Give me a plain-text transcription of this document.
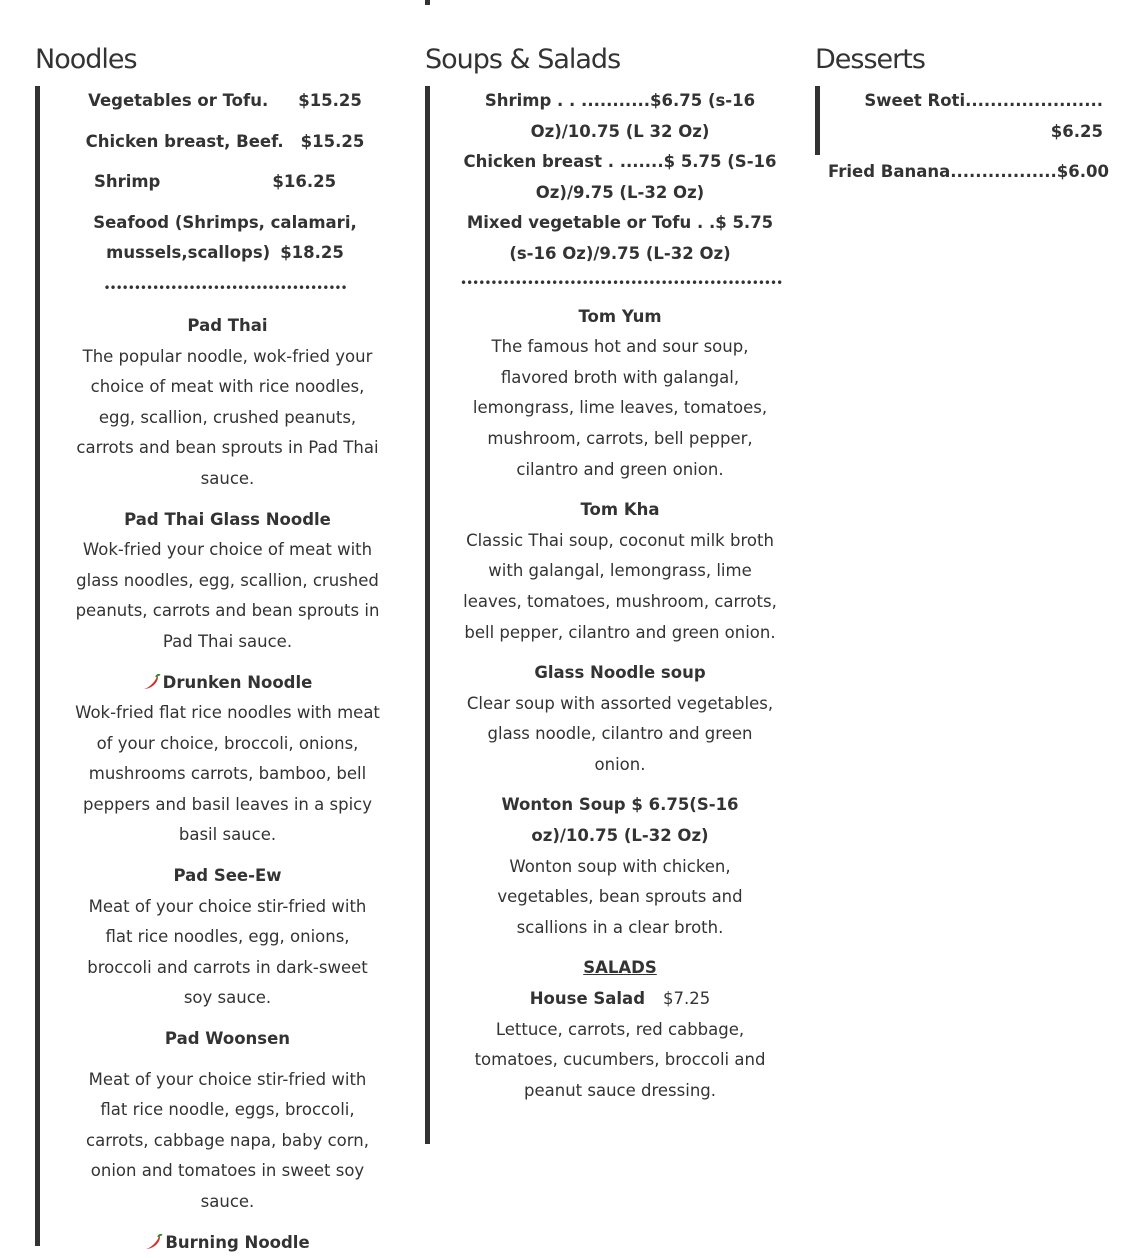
Noodles

Vegetables or Tofu. $15.25

Chicken breast, Beef. $15.25

Shrimp	$16.25

Seafood (Shrimps, calamari,
mussels,scallops) $18.25

••••••••••••••••••••••••••••••••••••••••

Pad Thai

The popular noodle, wok-fried your choice of meat with rice noodles, egg, scallion, crushed peanuts, carrots and bean sprouts in Pad Thai sauce.

Pad Thai Glass Noodle

Wok-fried your choice of meat with glass noodles, egg, scallion, crushed peanuts, carrots and bean sprouts in Pad Thai sauce.

Drunken Noodle

Wok-fried flat rice noodles with meat of your choice, broccoli, onions, mushrooms carrots, bamboo, bell peppers and basil leaves in a spicy basil sauce.

Pad See-Ew

Meat of your choice stir-fried with flat rice noodles, egg, onions, broccoli and carrots in dark-sweet soy sauce.

Pad Woonsen

Meat of your choice stir-fried with flat rice noodle, eggs, broccoli, carrots, cabbage napa, baby corn, onion and tomatoes in sweet soy sauce.

Burning Noodle

Soups & Salads

Shrimp . . ...........$6.75 (s-16 Oz)/10.75 (L 32 Oz)

Chicken breast . .......$ 5.75 (S-16 Oz)/9.75 (L-32 Oz)

Mixed vegetable or Tofu . .$ 5.75 (s-16 Oz)/9.75 (L-32 Oz)

•••••••••••••••••••••••••••••••••••••••••••••••••••••

Tom Yum

The famous hot and sour soup, flavored broth with galangal, lemongrass, lime leaves, tomatoes, mushroom, carrots, bell pepper, cilantro and green onion.

Tom Kha

Classic Thai soup, coconut milk broth with galangal, lemongrass, lime leaves, tomatoes, mushroom, carrots, bell pepper, cilantro and green onion.

Glass Noodle soup

Clear soup with assorted vegetables, glass noodle, cilantro and green onion.

Wonton Soup $ 6.75(S-16 oz)/10.75 (L-32 Oz)

Wonton soup with chicken, vegetables, bean sprouts and scallions in a clear broth.

SALADS

House Salad $7.25

Lettuce, carrots, red cabbage, tomatoes, cucumbers, broccoli and peanut sauce dressing.

Desserts

Sweet Roti...................... $6.25

Fried Banana.................$6.00
